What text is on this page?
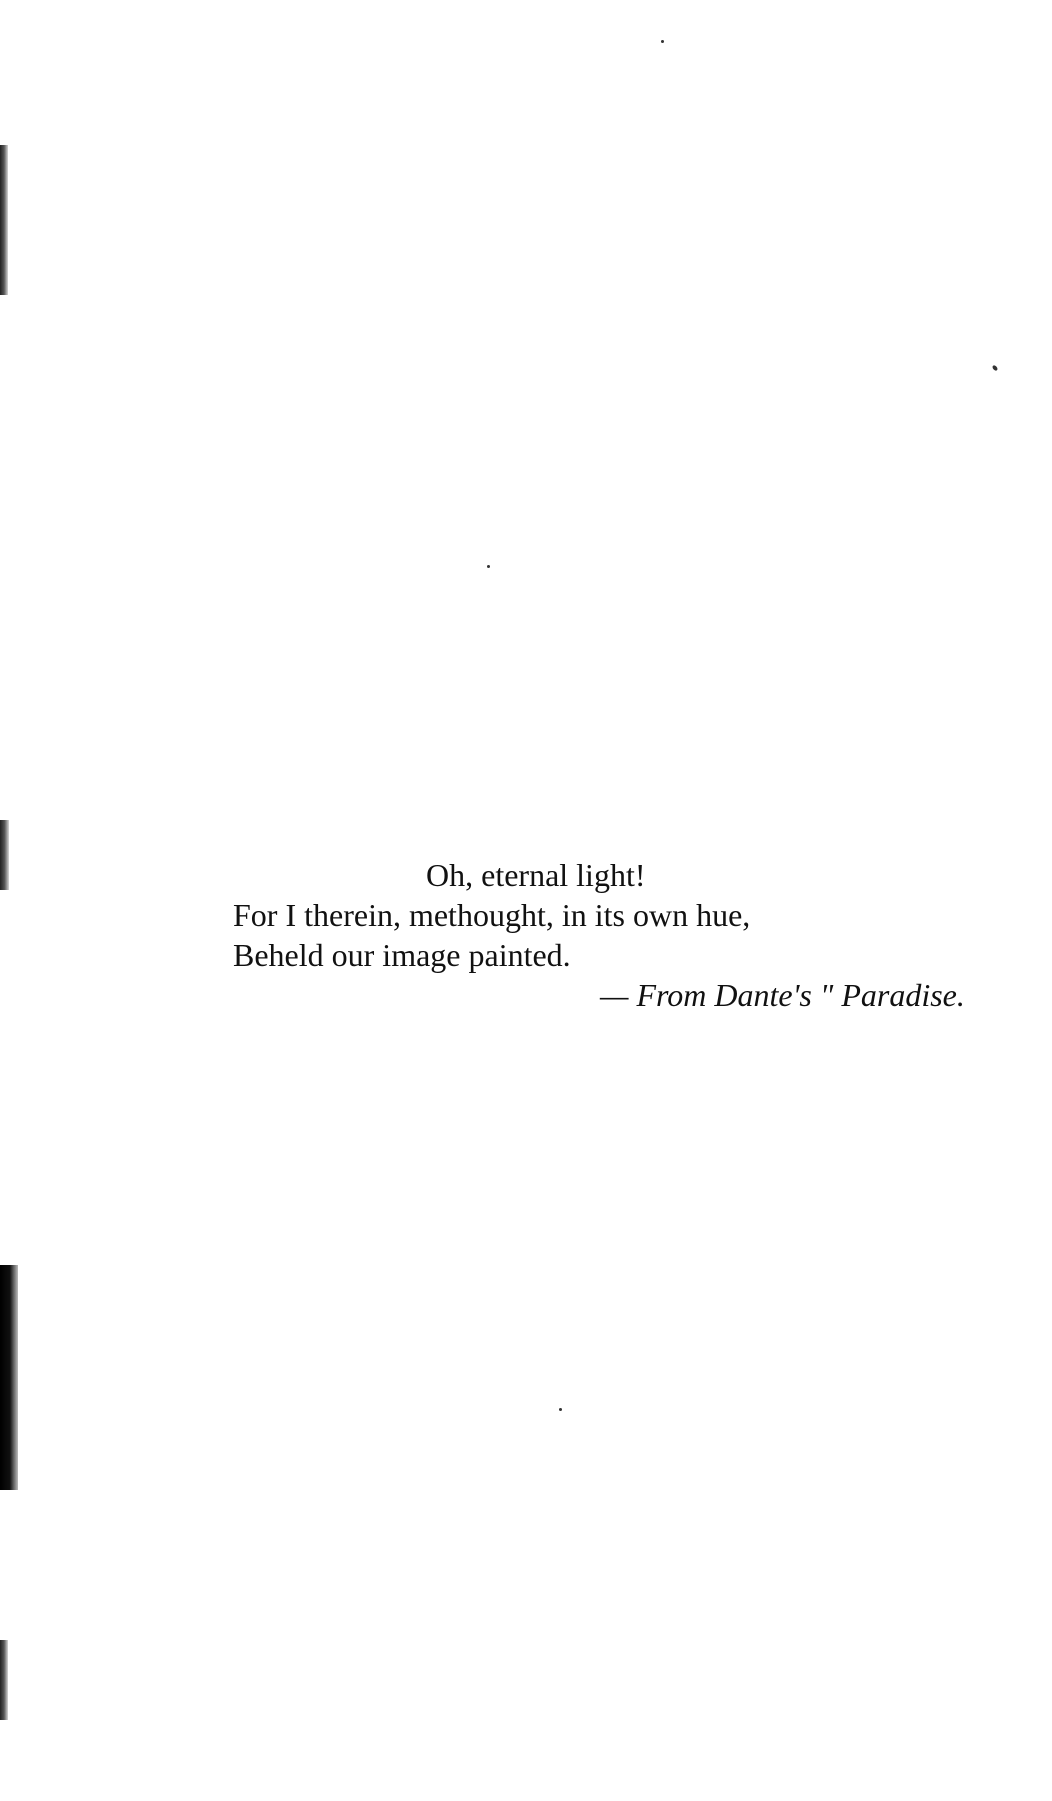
Oh, eternal light!
For I therein, methought, in its own hue,
Beheld our image painted.
— From Dante's " Paradise.
